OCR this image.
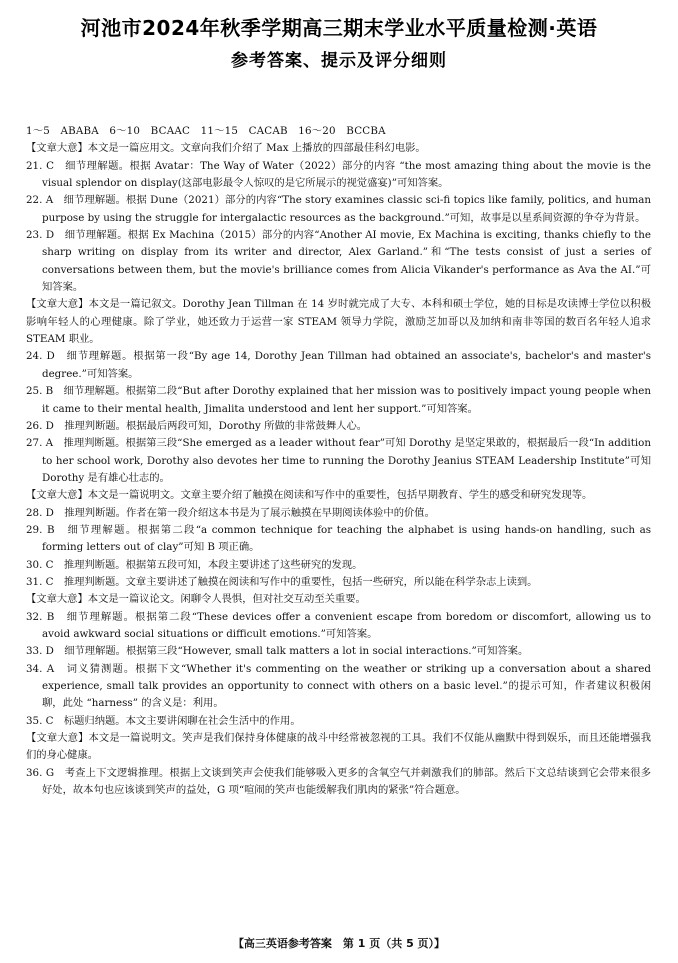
河池市2024年秋季学期高三期末学业水平质量检测·英语
参考答案、提示及评分细则

1～5　ABABA　6～10　BCAAC　11～15　CACAB　16～20　BCCBA

【文章大意】本文是一篇应用文。文章向我们介绍了 Max 上播放的四部最佳科幻电影。

21. C　细节理解题。根据 Avatar：The Way of Water（2022）部分的内容 “the most amazing thing about the movie is the visual splendor on display(这部电影最令人惊叹的是它所展示的视觉盛宴)”可知答案。

22. A　细节理解题。根据 Dune（2021）部分的内容“The story examines classic sci-fi topics like family, politics, and human purpose by using the struggle for intergalactic resources as the background.”可知，故事是以星系间资源的争夺为背景。

23. D　细节理解题。根据 Ex Machina（2015）部分的内容“Another AI movie, Ex Machina is exciting, thanks chiefly to the sharp writing on display from its writer and director, Alex Garland.”和“The tests consist of just a series of conversations between them, but the movie's brilliance comes from Alicia Vikander's performance as Ava the AI.”可知答案。

【文章大意】本文是一篇记叙文。Dorothy Jean Tillman 在 14 岁时就完成了大专、本科和硕士学位，她的目标是攻读博士学位以积极影响年轻人的心理健康。除了学业，她还致力于运营一家 STEAM 领导力学院，激励芝加哥以及加纳和南非等国的数百名年轻人追求 STEAM 职业。

24. D　细节理解题。根据第一段“By age 14, Dorothy Jean Tillman had obtained an associate's, bachelor's and master's degree.”可知答案。

25. B　细节理解题。根据第二段“But after Dorothy explained that her mission was to positively impact young people when it came to their mental health, Jimalita understood and lent her support.”可知答案。

26. D　推理判断题。根据最后两段可知，Dorothy 所做的非常鼓舞人心。

27. A　推理判断题。根据第三段“She emerged as a leader without fear”可知 Dorothy 是坚定果敢的，根据最后一段“In addition to her school work, Dorothy also devotes her time to running the Dorothy Jeanius STEAM Leadership Institute”可知 Dorothy 是有雄心壮志的。

【文章大意】本文是一篇说明文。文章主要介绍了触摸在阅读和写作中的重要性，包括早期教育、学生的感受和研究发现等。

28. D　推理判断题。作者在第一段介绍这本书是为了展示触摸在早期阅读体验中的价值。

29. B　细节理解题。根据第二段“a common technique for teaching the alphabet is using hands-on handling, such as forming letters out of clay”可知 B 项正确。

30. C　推理判断题。根据第五段可知，本段主要讲述了这些研究的发现。

31. C　推理判断题。文章主要讲述了触摸在阅读和写作中的重要性，包括一些研究，所以能在科学杂志上读到。

【文章大意】本文是一篇议论文。闲聊令人畏惧，但对社交互动至关重要。

32. B　细节理解题。根据第二段“These devices offer a convenient escape from boredom or discomfort, allowing us to avoid awkward social situations or difficult emotions.”可知答案。

33. D　细节理解题。根据第三段“However, small talk matters a lot in social interactions.”可知答案。

34. A　词义猜测题。根据下文“Whether it's commenting on the weather or striking up a conversation about a shared experience, small talk provides an opportunity to connect with others on a basic level.”的提示可知，作者建议积极闲聊，此处 “harness” 的含义是：利用。

35. C　标题归纳题。本文主要讲闲聊在社会生活中的作用。

【文章大意】本文是一篇说明文。笑声是我们保持身体健康的战斗中经常被忽视的工具。我们不仅能从幽默中得到娱乐，而且还能增强我们的身心健康。

36. G　考查上下文逻辑推理。根据上文谈到笑声会使我们能够吸入更多的含氧空气并刺激我们的肺部。然后下文总结谈到它会带来很多好处，故本句也应该谈到笑声的益处，G 项“喧闹的笑声也能缓解我们肌肉的紧张”符合题意。

【高三英语参考答案　第 1 页（共 5 页）】
